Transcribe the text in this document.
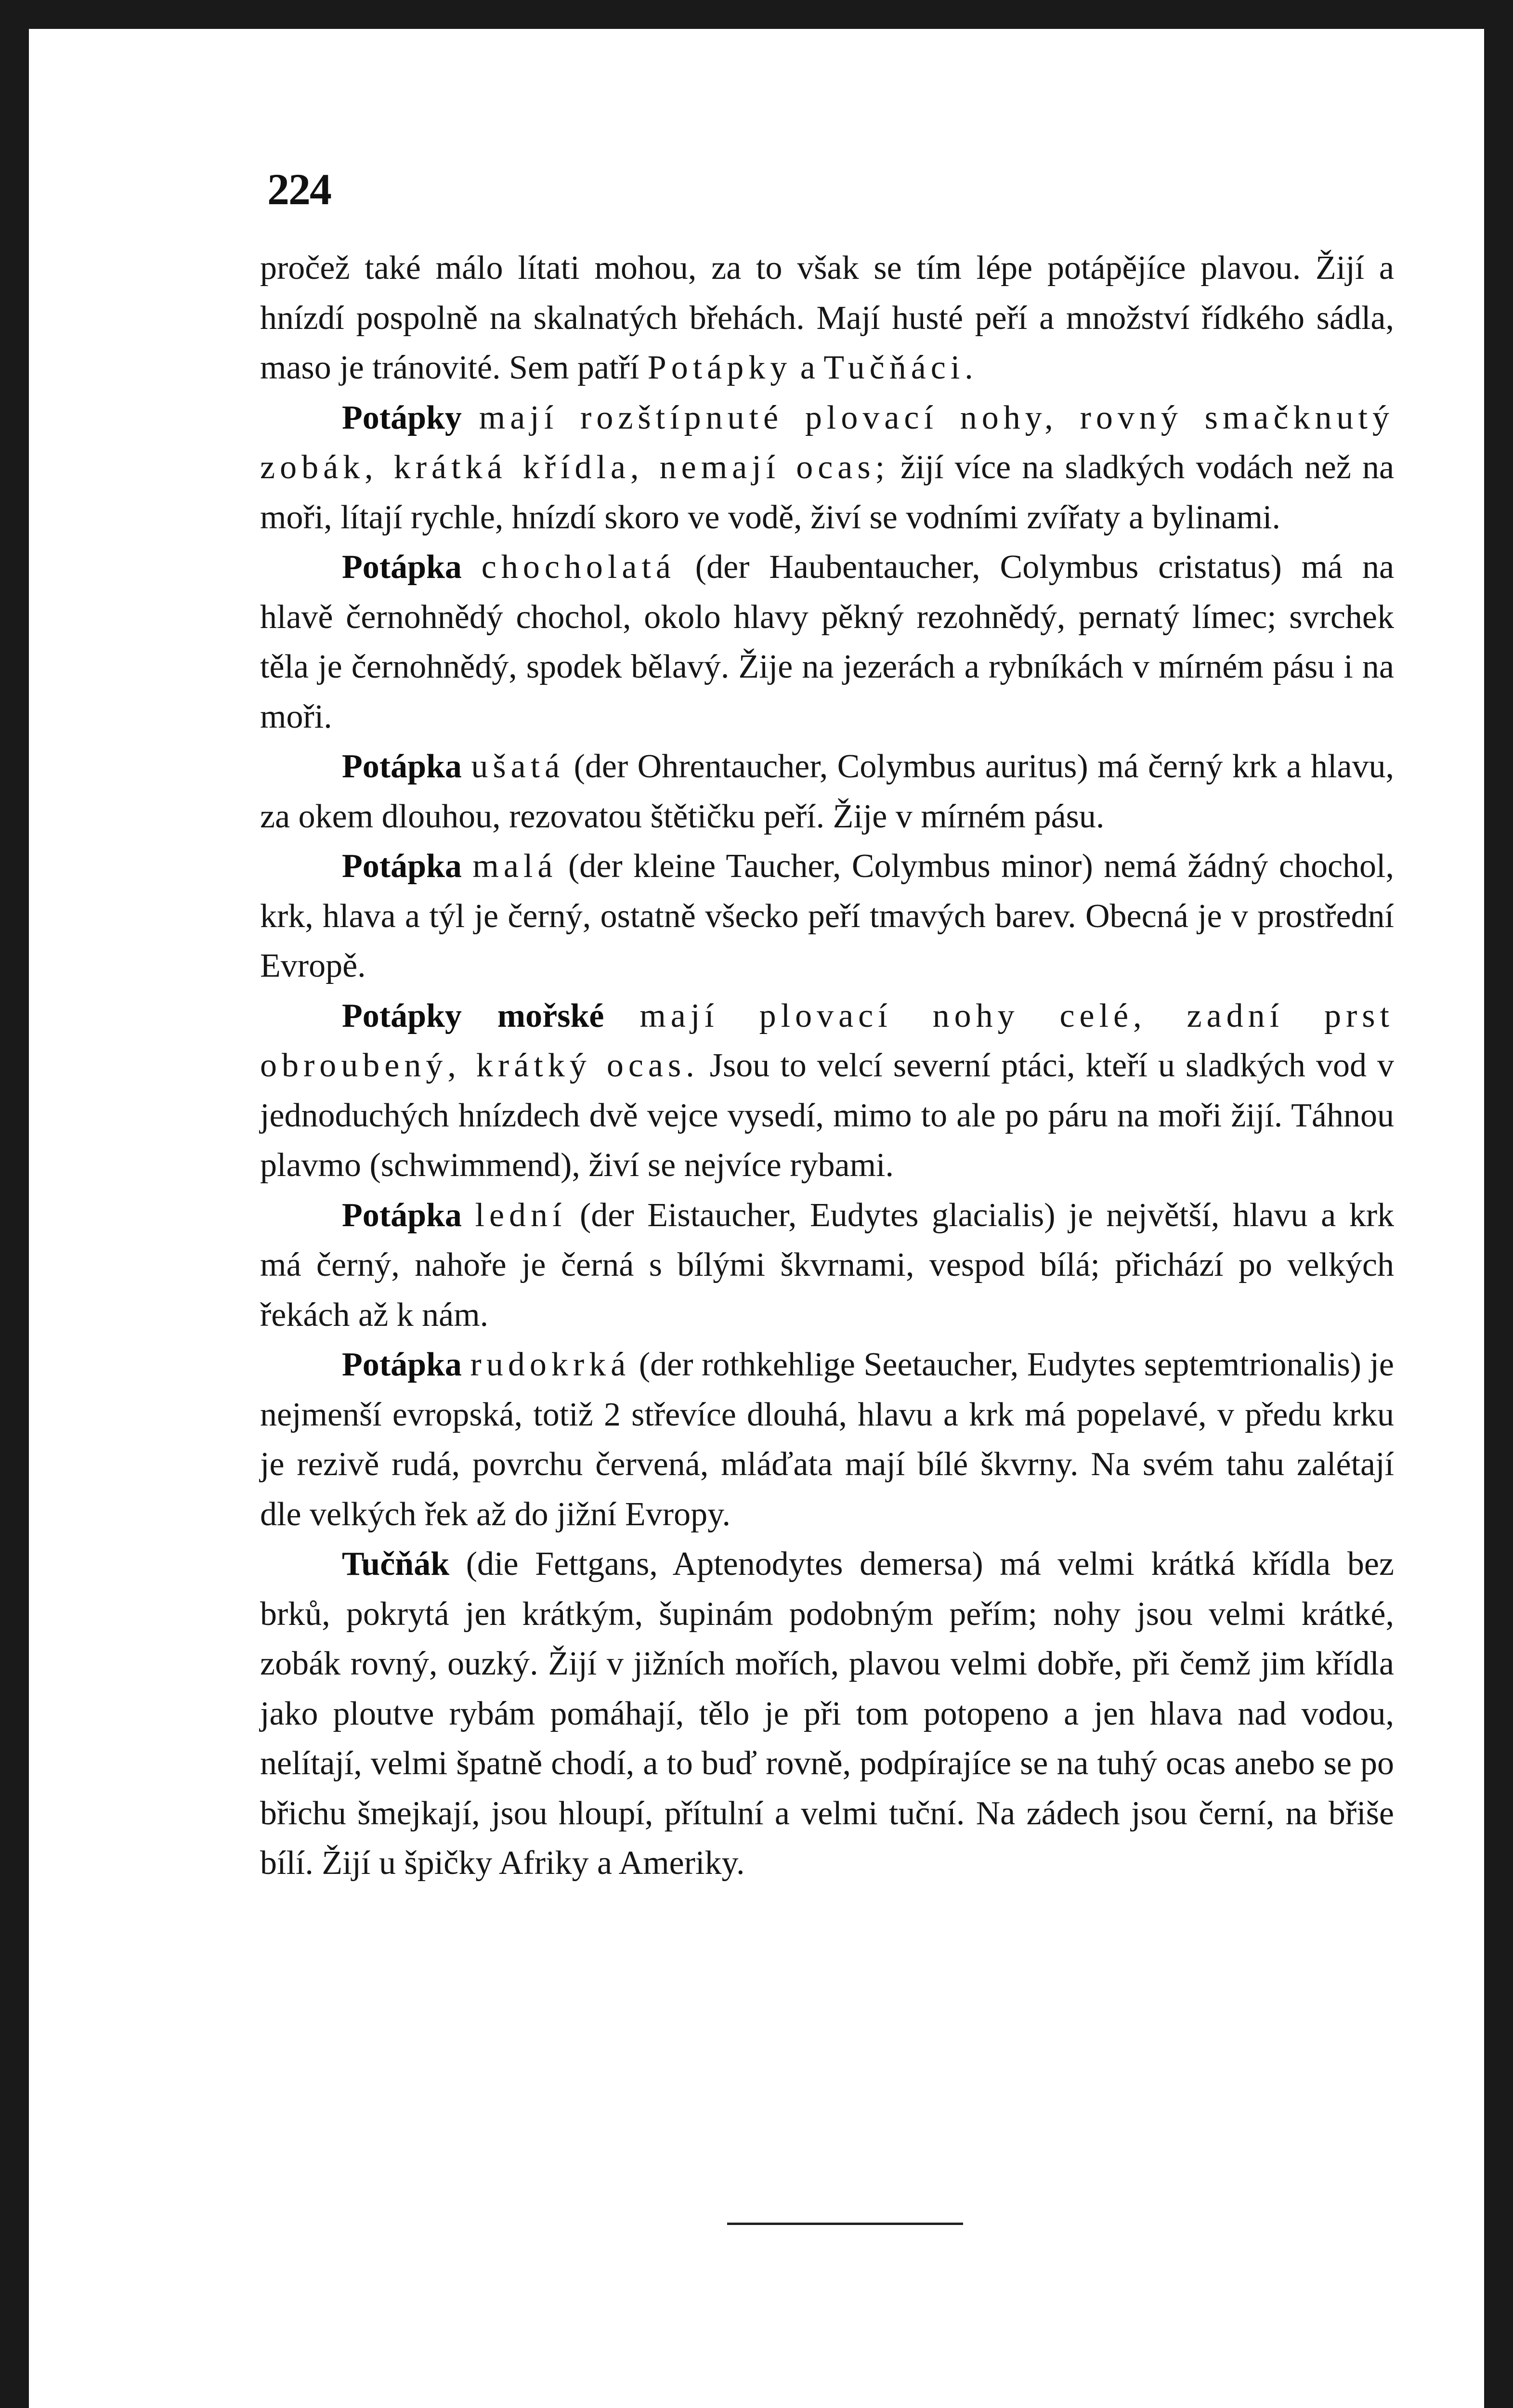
224

pročež také málo lítati mohou, za to však se tím lépe potápějíce plavou. Žijí a hnízdí pospolně na skalnatých břehách. Mají husté peří a množství řídkého sádla, maso je tránovité. Sem patří Potápky a Tučňáci.

Potápky mají rozštípnuté plovací nohy, rovný smačknutý zobák, krátká křídla, nemají ocas; žijí více na sladkých vodách než na moři, lítají rychle, hnízdí skoro ve vodě, živí se vodními zvířaty a bylinami.

Potápka chocholatá (der Haubentaucher, Colymbus cristatus) má na hlavě černohnědý chochol, okolo hlavy pěkný rezohnědý, pernatý límec; svrchek těla je černohnědý, spodek bělavý. Žije na jezerách a rybníkách v mírném pásu i na moři.

Potápka ušatá (der Ohrentaucher, Colymbus auritus) má černý krk a hlavu, za okem dlouhou, rezovatou štětičku peří. Žije v mírném pásu.

Potápka malá (der kleine Taucher, Colymbus minor) nemá žádný chochol, krk, hlava a týl je černý, ostatně všecko peří tmavých barev. Obecná je v prostřední Evropě.

Potápky mořské mají plovací nohy celé, zadní prst obroubený, krátký ocas. Jsou to velcí severní ptáci, kteří u sladkých vod v jednoduchých hnízdech dvě vejce vysedí, mimo to ale po páru na moři žijí. Táhnou plavmo (schwimmend), živí se nejvíce rybami.

Potápka lední (der Eistaucher, Eudytes glacialis) je největší, hlavu a krk má černý, nahoře je černá s bílými škvrnami, vespod bílá; přichází po velkých řekách až k nám.

Potápka rudokrká (der rothkehlige Seetaucher, Eudytes septemtrionalis) je nejmenší evropská, totiž 2 střevíce dlouhá, hlavu a krk má popelavé, v předu krku je rezivě rudá, povrchu červená, mláďata mají bílé škvrny. Na svém tahu zalétají dle velkých řek až do jižní Evropy.

Tučňák (die Fettgans, Aptenodytes demersa) má velmi krátká křídla bez brků, pokrytá jen krátkým, šupinám podobným peřím; nohy jsou velmi krátké, zobák rovný, ouzký. Žijí v jižních mořích, plavou velmi dobře, při čemž jim křídla jako ploutve rybám pomáhají, tělo je při tom potopeno a jen hlava nad vodou, nelítají, velmi špatně chodí, a to buď rovně, podpírajíce se na tuhý ocas anebo se po břichu šmejkají, jsou hloupí, přítulní a velmi tuční. Na zádech jsou černí, na břiše bílí. Žijí u špičky Afriky a Ameriky.
